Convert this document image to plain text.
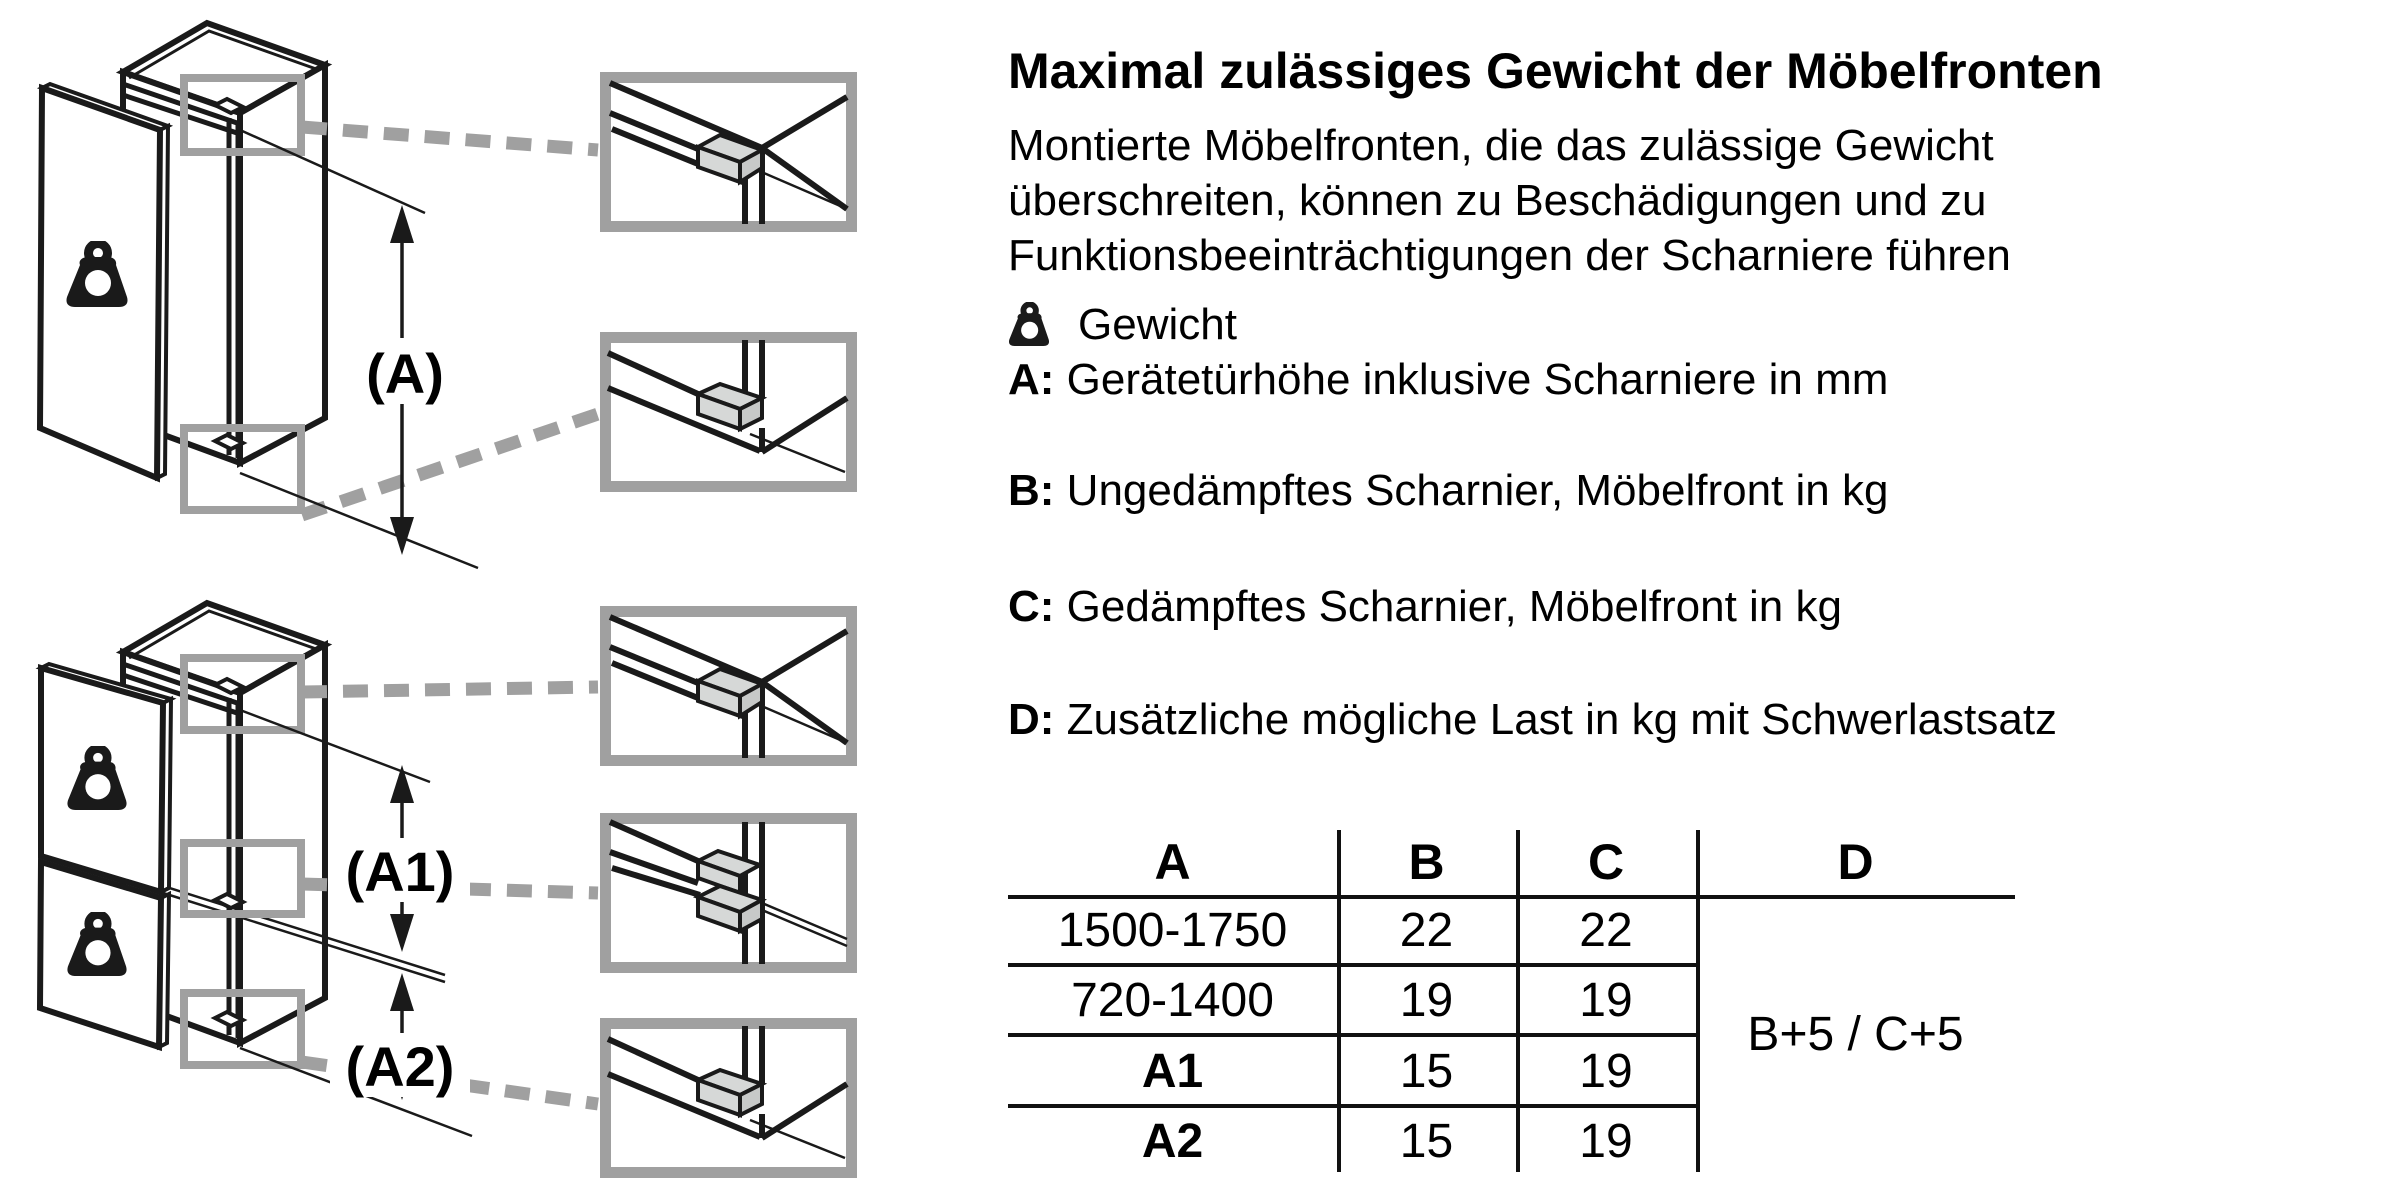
(A)
(A1)
(A2)
Maximal zulässiges Gewicht der Möbelfronten
Montierte Möbelfronten, die das zulässige Gewicht
überschreiten, können zu Beschädigungen und zu
Funktionsbeeinträchtigungen der Scharniere führen
Gewicht
A: Gerätetürhöhe inklusive Scharniere in mm
B: Ungedämpftes Scharnier, Möbelfront in kg
C: Gedämpftes Scharnier, Möbelfront in kg
D: Zusätzliche mögliche Last in kg mit Schwerlastsatz
A	B	C	D
1500-1750	22	22
720-1400	19	19
A1	15	19
A2	15	19
B+5 / C+5
